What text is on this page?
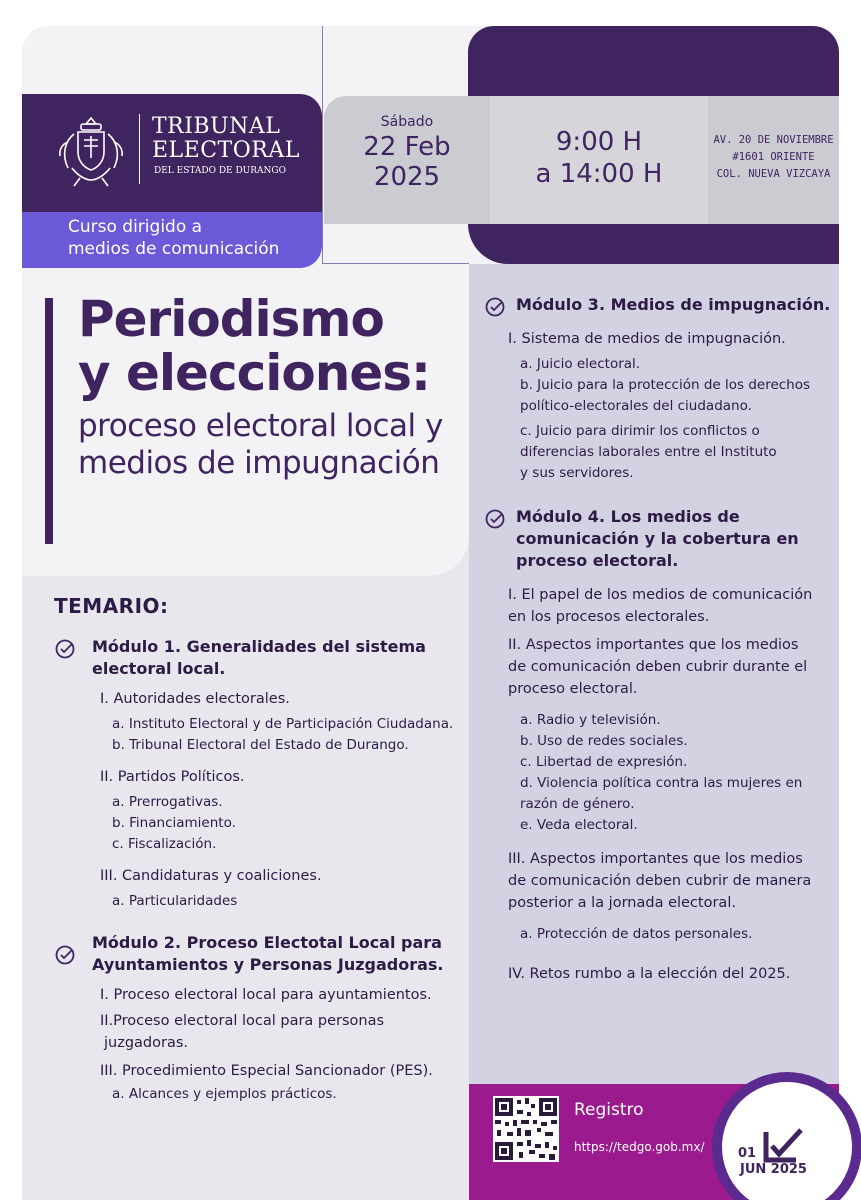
Sábado
22 Feb
2025
9:00 H
a 14:00 H
AV. 20 DE NOVIEMBRE
#1601 ORIENTE
COL. NUEVA VIZCAYA
TRIBUNAL
ELECTORAL
DEL ESTADO DE DURANGO
Curso dirigido a
medios de comunicación
Periodismo
y elecciones:
proceso electoral local y
medios de impugnación
TEMARIO:
Módulo 1. Generalidades del sistema
electoral local.
I. Autoridades electorales.
a. Instituto Electoral y de Participación Ciudadana.
b. Tribunal Electoral del Estado de Durango.
II. Partidos Políticos.
a. Prerrogativas.
b. Financiamiento.
c. Fiscalización.
III. Candidaturas y coaliciones.
a. Particularidades
Módulo 2. Proceso Electotal Local para
Ayuntamientos y Personas Juzgadoras.
I. Proceso electoral local para ayuntamientos.
II.Proceso electoral local para personas
juzgadoras.
III. Procedimiento Especial Sancionador (PES).
a. Alcances y ejemplos prácticos.
Módulo 3. Medios de impugnación.
I. Sistema de medios de impugnación.
a. Juicio electoral.
b. Juicio para la protección de los derechos
político-electorales del ciudadano.
c. Juicio para dirimir los conflictos o
diferencias laborales entre el Instituto
y sus servidores.
Módulo 4. Los medios de
comunicación y la cobertura en
proceso electoral.
I. El papel de los medios de comunicación
en los procesos electorales.
II. Aspectos importantes que los medios
de comunicación deben cubrir durante el
proceso electoral.
a. Radio y televisión.
b. Uso de redes sociales.
c. Libertad de expresión.
d. Violencia política contra las mujeres en
razón de género.
e. Veda electoral.
III. Aspectos importantes que los medios
de comunicación deben cubrir de manera
posterior a la jornada electoral.
a. Protección de datos personales.
IV. Retos rumbo a la elección del 2025.
Registro
https://tedgo.gob.mx/	01
JUN 2025
